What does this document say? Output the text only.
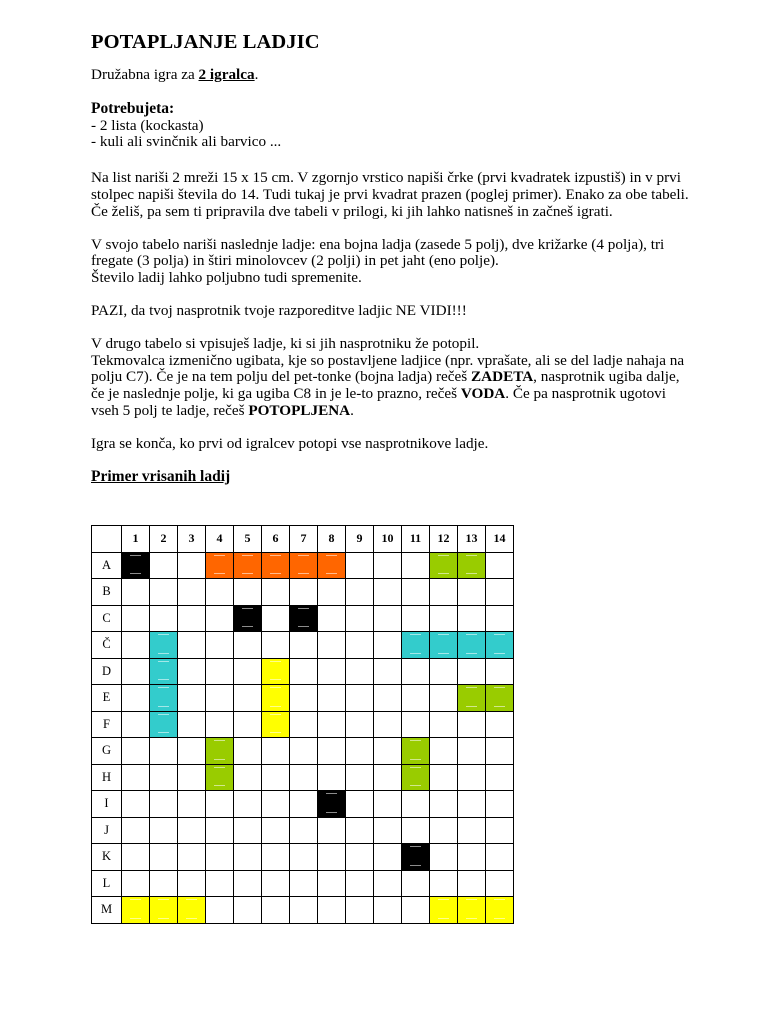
POTAPLJANJE LADJIC
Družabna igra za 2 igralca.
Potrebujeta:
- 2 lista (kockasta)
- kuli ali svinčnik ali barvico ...

Na list nariši 2 mreži 15 x 15 cm. V zgornjo vrstico napiši črke (prvi kvadratek izpustiš) in v prvi stolpec napiši števila do 14. Tudi tukaj je prvi kvadrat prazen (poglej primer). Enako za obe tabeli. Če želiš, pa sem ti pripravila dve tabeli v prilogi, ki jih lahko natisneš in začneš igrati.

V svojo tabelo nariši naslednje ladje: ena bojna ladja (zasede 5 polj), dve križarke (4 polja), tri fregate (3 polja) in štiri minolovcev (2 polji) in pet jaht (eno polje).
Število ladij lahko poljubno tudi spremenite.

PAZI, da tvoj nasprotnik tvoje razporeditve ladjic NE VIDI!!!

V drugo tabelo si vpisuješ ladje, ki si jih nasprotniku že potopil.
Tekmovalca izmenično ugibata, kje so postavljene ladjice (npr. vprašate, ali se del ladje nahaja na polju C7). Če je na tem polju del pet-tonke (bojna ladja) rečeš ZADETA, nasprotnik ugiba dalje, če je naslednje polje, ki ga ugiba C8 in je le-to prazno, rečeš VODA. Če pa nasprotnik ugotovi vseh 5 polj te ladje, rečeš POTOPLJENA.

Igra se konča, ko prvi od igralcev potopi vse nasprotnikove ladje.

Primer vrisanih ladij
	1	2	3	4	5	6	7	8	9	10	11	12	13	14
A														
B														
C														
Č														
D														
E														
F														
G														
H														
I														
J														
K														
L														
M														
